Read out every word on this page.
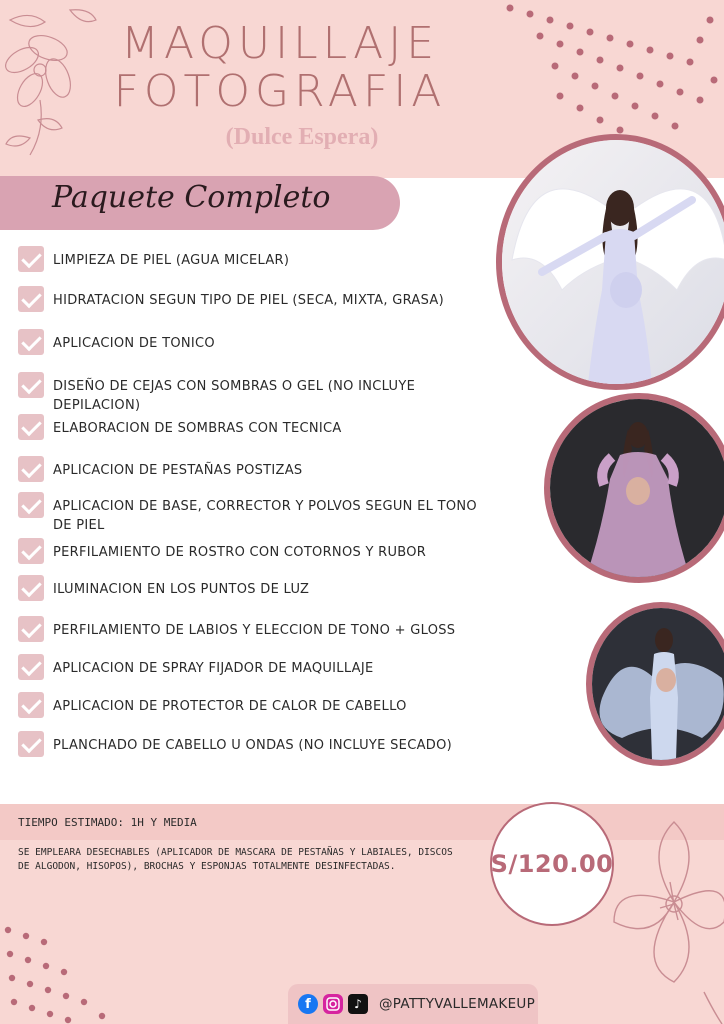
MAQUILLAJE
FOTOGRAFIA
(Dulce Espera)
Paquete Completo
LIMPIEZA DE PIEL (AGUA MICELAR)
HIDRATACION SEGUN TIPO DE PIEL (SECA, MIXTA, GRASA)
APLICACION DE TONICO
DISEÑO DE CEJAS CON SOMBRAS O GEL (NO INCLUYE DEPILACION)
ELABORACION DE SOMBRAS CON TECNICA
APLICACION DE PESTAÑAS POSTIZAS
APLICACION DE BASE, CORRECTOR Y POLVOS SEGUN EL TONO DE PIEL
PERFILAMIENTO DE ROSTRO CON COTORNOS Y RUBOR
ILUMINACION EN LOS PUNTOS DE LUZ
PERFILAMIENTO DE LABIOS Y ELECCION DE TONO + GLOSS
APLICACION DE SPRAY FIJADOR DE MAQUILLAJE
APLICACION DE PROTECTOR DE CALOR DE CABELLO
PLANCHADO DE CABELLO U ONDAS (NO INCLUYE SECADO)
TIEMPO ESTIMADO: 1H Y MEDIA
SE EMPLEARA DESECHABLES (APLICADOR DE MASCARA DE PESTAÑAS Y LABIALES, DISCOS DE ALGODON, HISOPOS), BROCHAS Y ESPONJAS TOTALMENTE DESINFECTADAS.	S/120.00
f	♪	@PATTYVALLEMAKEUP
